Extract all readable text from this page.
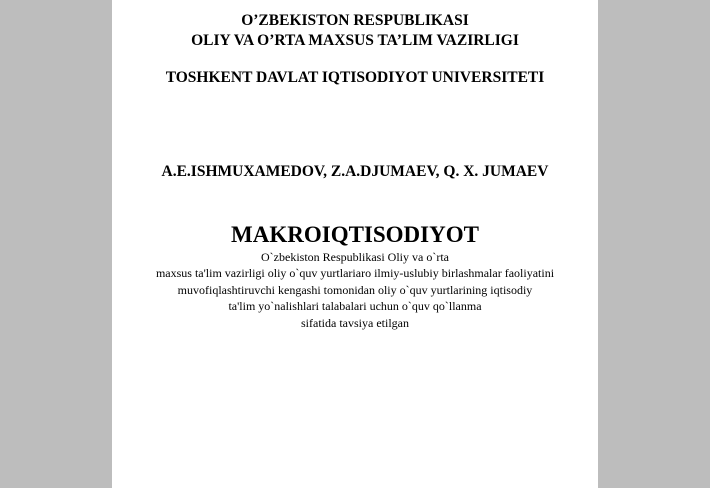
O’ZBEKISTON RESPUBLIKASI
OLIY VA O’RTA MAXSUS TA’LIM VAZIRLIGI
TOSHKENT DAVLAT IQTISODIYOT UNIVERSITETI
A.E.ISHMUXAMEDOV, Z.A.DJUMAEV, Q. X. JUMAEV
MAKROIQTISODIYOT
O`zbekiston Respublikasi Oliy va o`rta
maxsus ta'lim vazirligi oliy o`quv yurtlariaro ilmiy-uslubiy birlashmalar faoliyatini
muvofiqlashtiruvchi kengashi tomonidan oliy o`quv yurtlarining iqtisodiy
ta'lim yo`nalishlari talabalari uchun o`quv qo`llanma
sifatida tavsiya etilgan
